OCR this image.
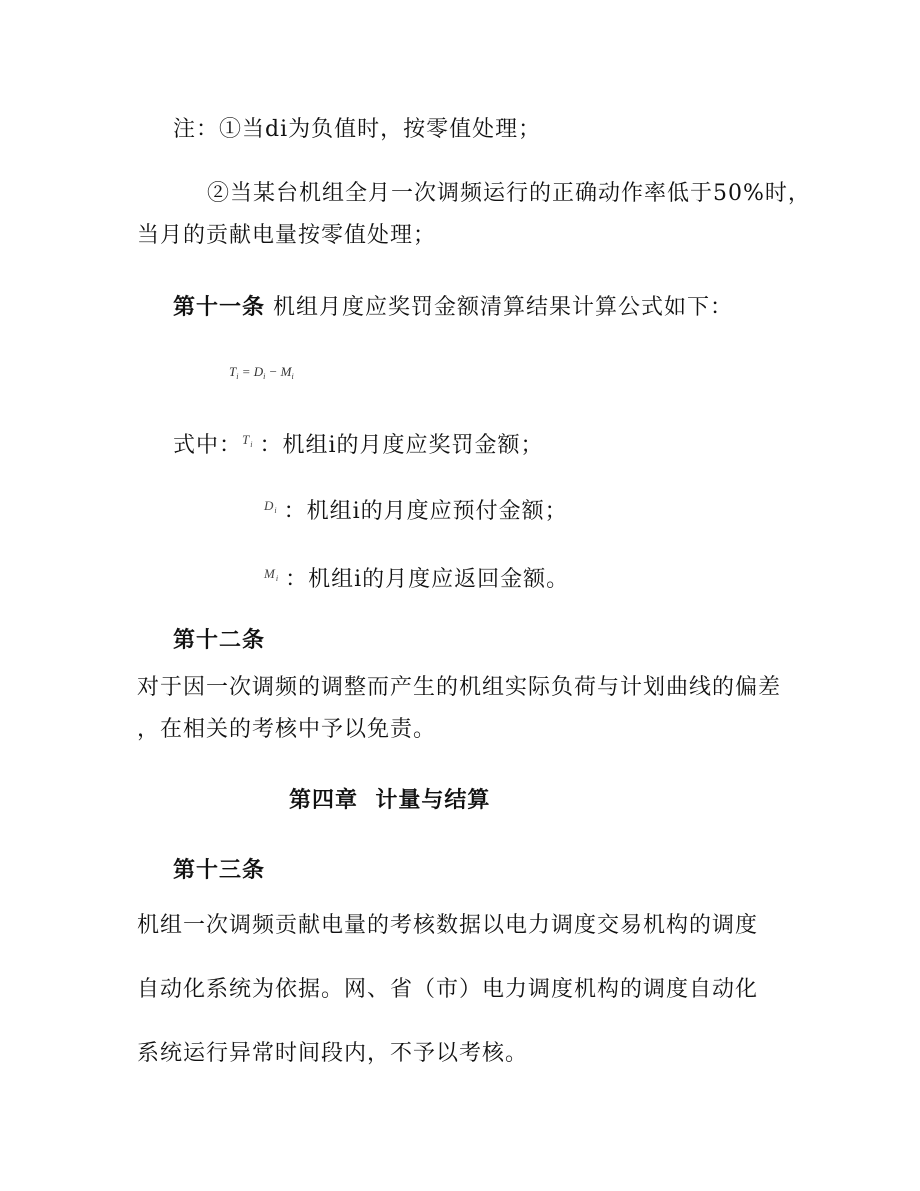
注：①当di为负值时，按零值处理；
②当某台机组全月一次调频运行的正确动作率低于50%时，
当月的贡献电量按零值处理；
第十一条 机组月度应奖罚金额清算结果计算公式如下：
$T_i = D_i - M_i$
式中：$T_i$ ：机组i的月度应奖罚金额；
$D_i$ ：机组i的月度应预付金额；
$M_i$ ：机组i的月度应返回金额。
第十二条
对于因一次调频的调整而产生的机组实际负荷与计划曲线的偏差
，在相关的考核中予以免责。
第四章  计量与结算
第十三条
机组一次调频贡献电量的考核数据以电力调度交易机构的调度
自动化系统为依据。网、省（市）电力调度机构的调度自动化
系统运行异常时间段内，不予以考核。
